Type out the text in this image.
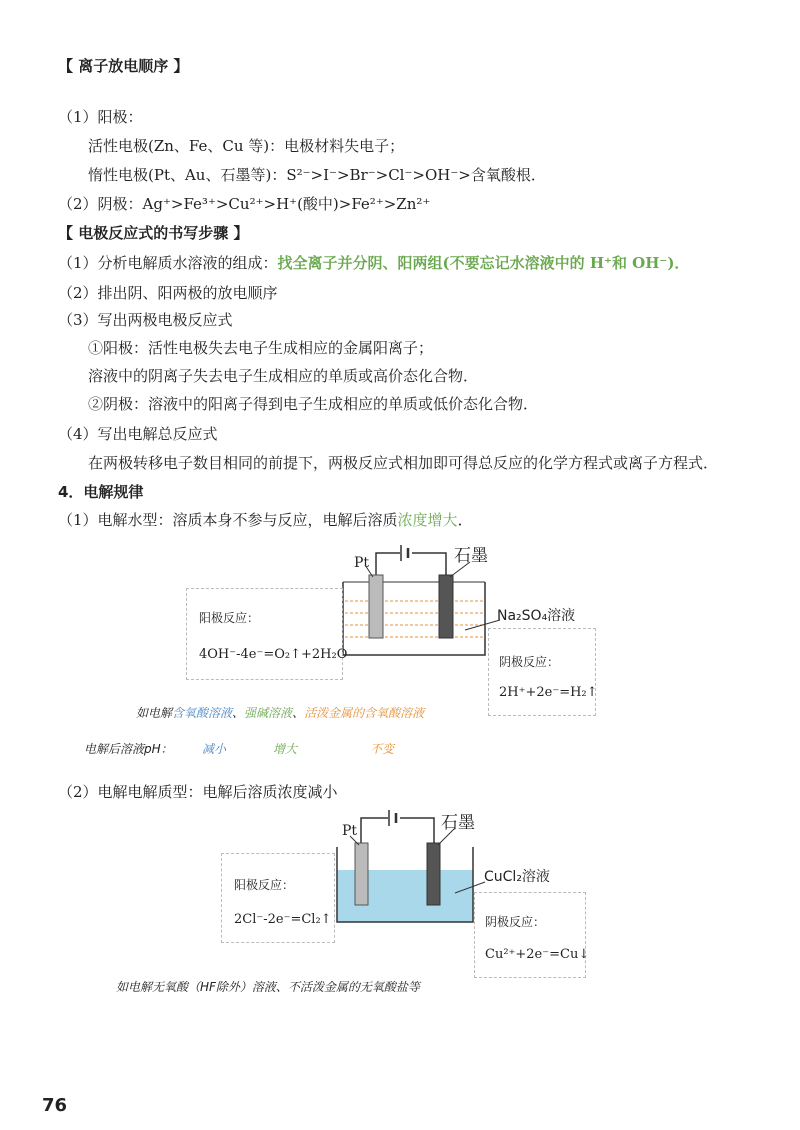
【 离子放电顺序 】
（1）阳极：
活性电极(Zn、Fe、Cu 等)：电极材料失电子；
惰性电极(Pt、Au、石墨等)：S²⁻>I⁻>Br⁻>Cl⁻>OH⁻>含氧酸根．
（2）阴极：Ag⁺>Fe³⁺>Cu²⁺>H⁺(酸中)>Fe²⁺>Zn²⁺
【 电极反应式的书写步骤 】
（1）分析电解质水溶液的组成：找全离子并分阴、阳两组(不要忘记水溶液中的 H⁺和 OH⁻)．
（2）排出阴、阳两极的放电顺序
（3）写出两极电极反应式
①阳极：活性电极失去电子生成相应的金属阳离子；
溶液中的阴离子失去电子生成相应的单质或高价态化合物．
②阴极：溶液中的阳离子得到电子生成相应的单质或低价态化合物．
（4）写出电解总反应式
在两极转移电子数目相同的前提下，两极反应式相加即可得总反应的化学方程式或离子方程式．
4．电解规律
（1）电解水型：溶质本身不参与反应，电解后溶质浓度增大．
Pt	石墨
Na₂SO₄溶液
阳极反应：
4OH⁻-4e⁻=O₂↑+2H₂O	阴极反应：
2H⁺+2e⁻=H₂↑
如电解含氧酸溶液、强碱溶液、活泼金属的含氧酸溶液
电解后溶液pH： 减小	增大	不变
（2）电解电解质型：电解后溶质浓度减小
Pt	石墨
CuCl₂溶液
阳极反应：
2Cl⁻-2e⁻=Cl₂↑	阴极反应：
Cu²⁺+2e⁻=Cu↓
如电解无氧酸（HF除外）溶液、不活泼金属的无氧酸盐等
76
